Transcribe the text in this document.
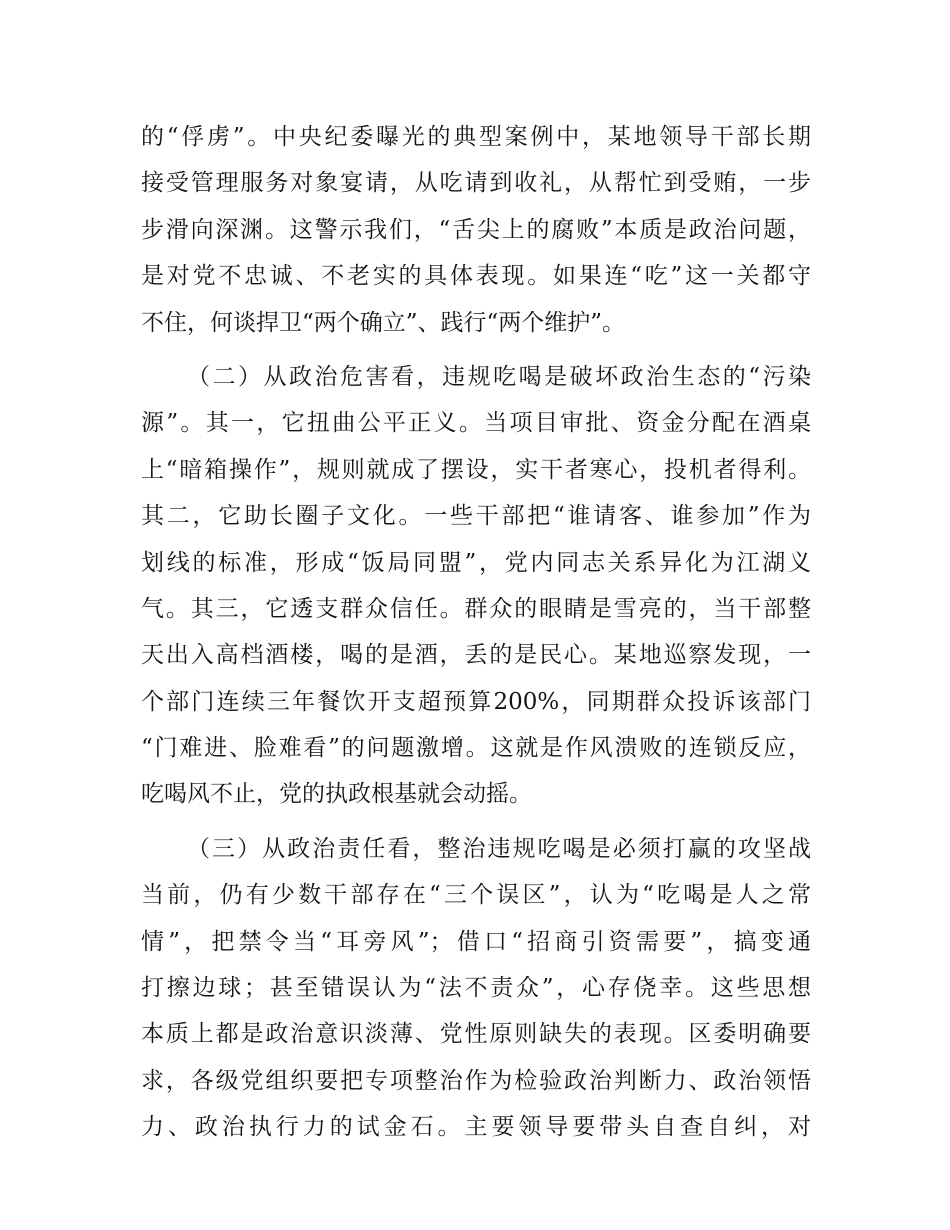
的“俘虏”。中央纪委曝光的典型案例中，某地领导干部长期
接受管理服务对象宴请，从吃请到收礼，从帮忙到受贿，一步
步滑向深渊。这警示我们，“舌尖上的腐败”本质是政治问题，
是对党不忠诚、不老实的具体表现。如果连“吃”这一关都守
不住，何谈捍卫“两个确立”、践行“两个维护”。
（二）从政治危害看，违规吃喝是破坏政治生态的“污染
源”。其一，它扭曲公平正义。当项目审批、资金分配在酒桌
上“暗箱操作”，规则就成了摆设，实干者寒心，投机者得利。
其二，它助长圈子文化。一些干部把“谁请客、谁参加”作为
划线的标准，形成“饭局同盟”，党内同志关系异化为江湖义
气。其三，它透支群众信任。群众的眼睛是雪亮的，当干部整
天出入高档酒楼，喝的是酒，丢的是民心。某地巡察发现，一
个部门连续三年餐饮开支超预算200%，同期群众投诉该部门
“门难进、脸难看”的问题激增。这就是作风溃败的连锁反应，
吃喝风不止，党的执政根基就会动摇。
（三）从政治责任看，整治违规吃喝是必须打赢的攻坚战
当前，仍有少数干部存在“三个误区”，认为“吃喝是人之常
情”，把禁令当“耳旁风”；借口“招商引资需要”，搞变通
打擦边球；甚至错误认为“法不责众”，心存侥幸。这些思想
本质上都是政治意识淡薄、党性原则缺失的表现。区委明确要
求，各级党组织要把专项整治作为检验政治判断力、政治领悟
力、政治执行力的试金石。主要领导要带头自查自纠，对
